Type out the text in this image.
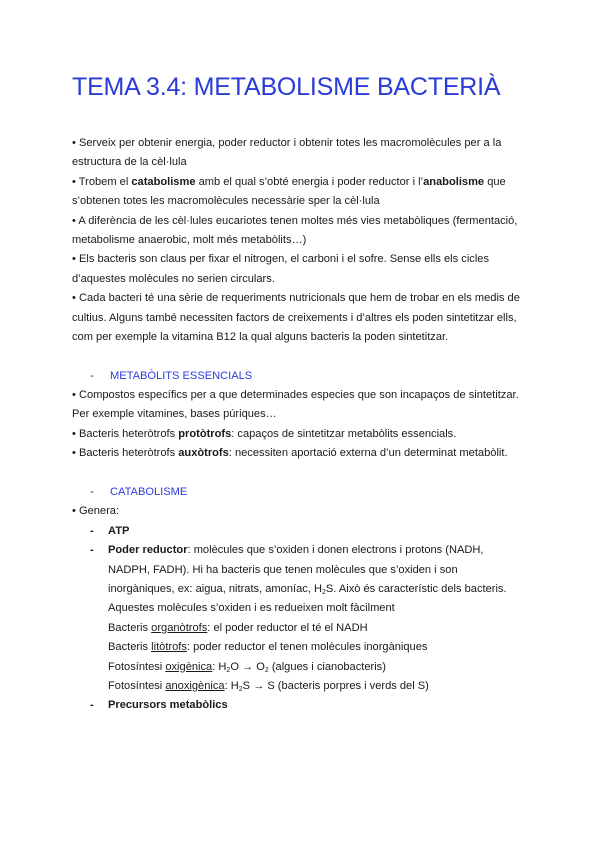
TEMA 3.4: METABOLISME BACTERIÀ
• Serveix per obtenir energia, poder reductor i obtenir totes les macromolècules per a la
estructura de la cèl·lula
• Trobem el catabolisme amb el qual s’obté energia i poder reductor i l’anabolisme que
s’obtenen totes les macromolècules necessàrie sper la cèl·lula
• A diferència de les cèl·lules eucariotes tenen moltes més vies metabòliques (fermentació,
metabolisme anaerobic, molt més metabòlits…)
• Els bacteris son claus per fixar el nitrogen, el carboni i el sofre. Sense ells els cicles
d’aquestes molècules no serien circulars.
• Cada bacteri té una sèrie de requeriments nutricionals que hem de trobar en els medis de
cultius. Alguns també necessiten factors de creixements i d’altres els poden sintetitzar ells,
com per exemple la vitamina B12 la qual alguns bacteris la poden sintetitzar.
- METABÒLITS ESSENCIALS
• Compostos específics per a que determinades especies que son incapaços de sintetitzar.
Per exemple vitamines, bases púriques…
• Bacteris heteròtrofs protòtrofs: capaços de sintetitzar metabòlits essencials.
• Bacteris heteròtrofs auxòtrofs: necessiten aportació externa d’un determinat metabòlit.
- CATABOLISME
• Genera:
- ATP
- Poder reductor: molècules que s’oxiden i donen electrons i protons (NADH,
NADPH, FADH). Hi ha bacteris que tenen molècules que s’oxiden i son
inorgàniques, ex: aigua, nitrats, amoníac, $H_2S$. Això és característic dels bacteris.
Aquestes molècules s’oxiden i es redueixen molt fàcilment
Bacteris organòtrofs: el poder reductor el té el NADH
Bacteris litòtrofs: poder reductor el tenen molècules inorgàniques
Fotosíntesi oxigènica: $H_2O \to O_2$ (algues i cianobacteris)
Fotosíntesi anoxigènica: $H_2S \to S$ (bacteris porpres i verds del S)
- Precursors metabòlics
